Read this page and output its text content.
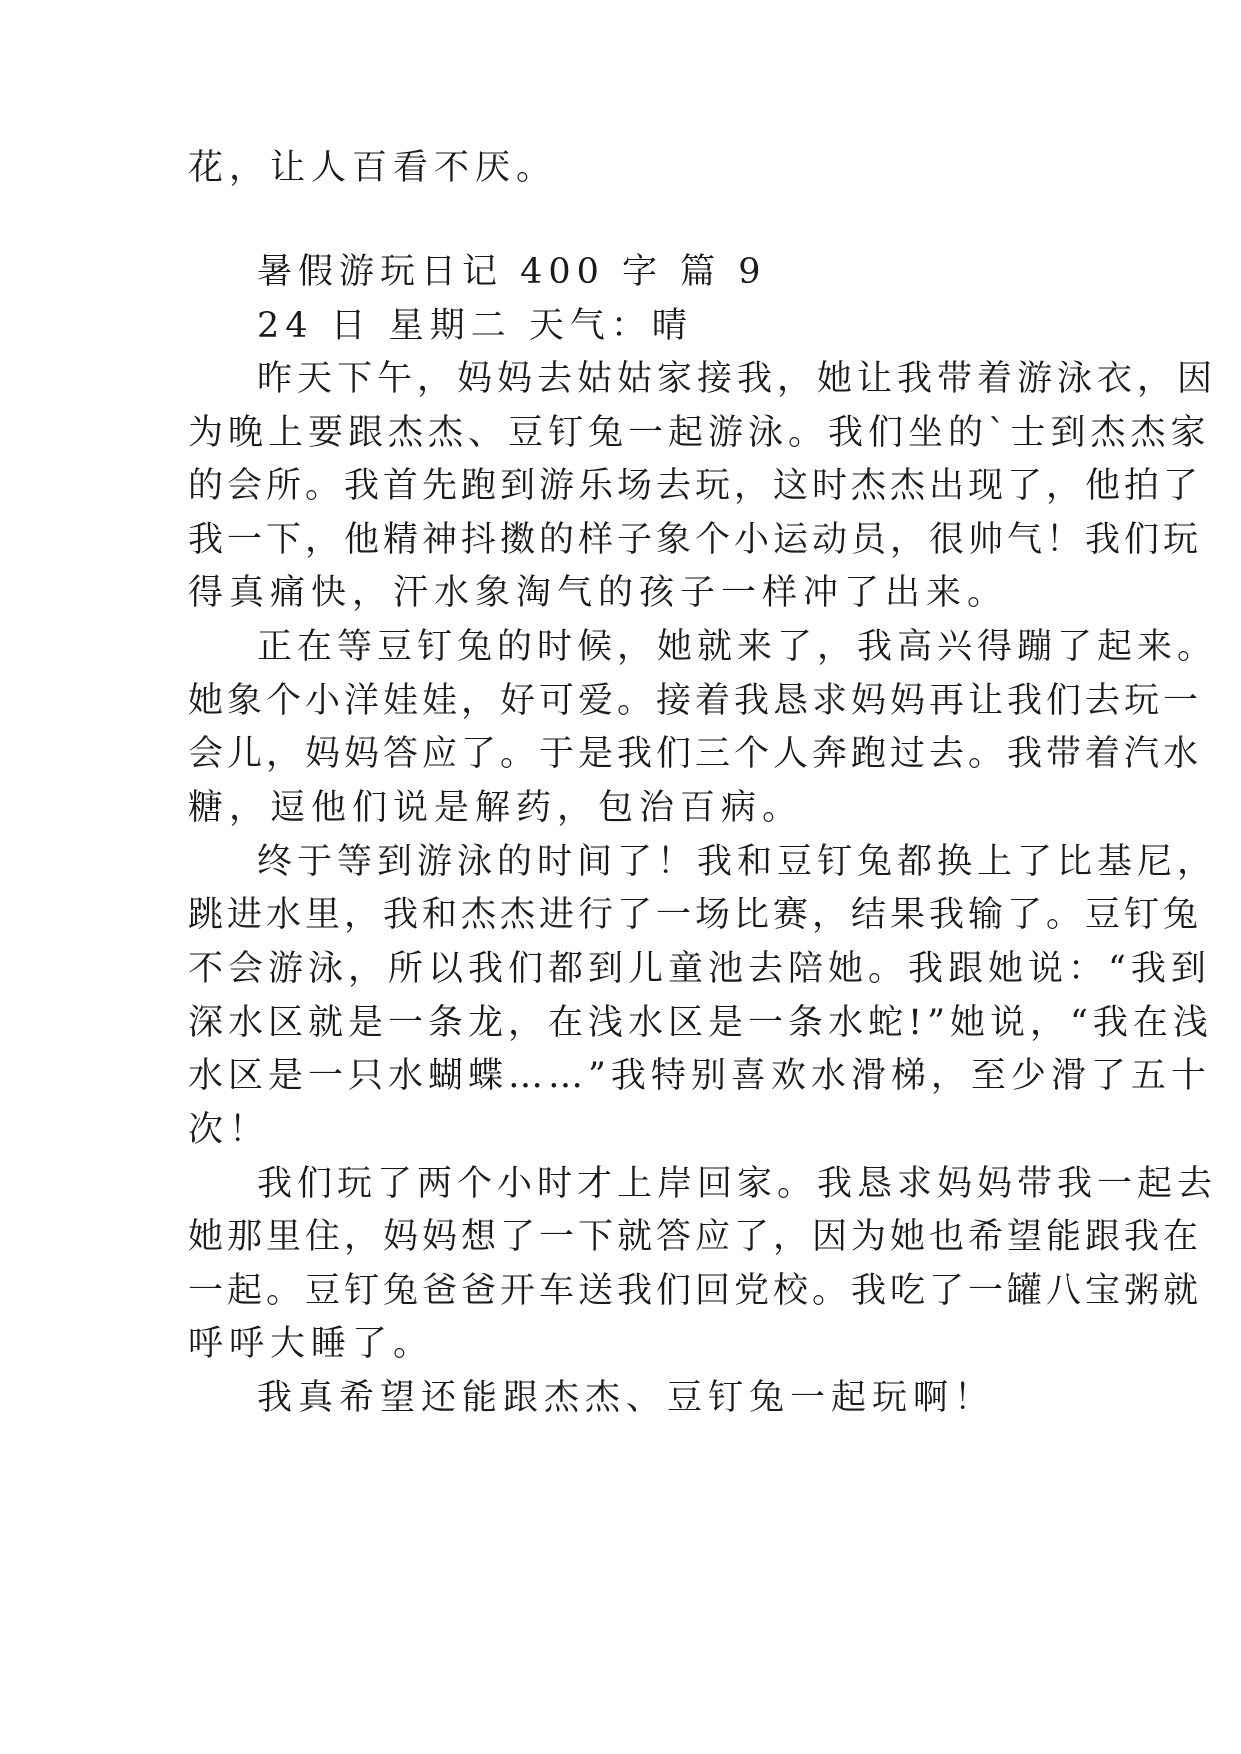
花，让人百看不厌。
暑假游玩日记 400 字 篇 9
24 日 星期二 天气：晴
昨天下午，妈妈去姑姑家接我，她让我带着游泳衣，因
为晚上要跟杰杰、豆钉兔一起游泳。我们坐的`士到杰杰家
的会所。我首先跑到游乐场去玩，这时杰杰出现了，他拍了
我一下，他精神抖擞的样子象个小运动员，很帅气！我们玩
得真痛快，汗水象淘气的孩子一样冲了出来。
正在等豆钉兔的时候，她就来了，我高兴得蹦了起来。
她象个小洋娃娃，好可爱。接着我恳求妈妈再让我们去玩一
会儿，妈妈答应了。于是我们三个人奔跑过去。我带着汽水
糖，逗他们说是解药，包治百病。
终于等到游泳的时间了！我和豆钉兔都换上了比基尼，
跳进水里，我和杰杰进行了一场比赛，结果我输了。豆钉兔
不会游泳，所以我们都到儿童池去陪她。我跟她说：“我到
深水区就是一条龙，在浅水区是一条水蛇!”她说，“我在浅
水区是一只水蝴蝶……”我特别喜欢水滑梯，至少滑了五十
次！
我们玩了两个小时才上岸回家。我恳求妈妈带我一起去
她那里住，妈妈想了一下就答应了，因为她也希望能跟我在
一起。豆钉兔爸爸开车送我们回党校。我吃了一罐八宝粥就
呼呼大睡了。
我真希望还能跟杰杰、豆钉兔一起玩啊！
